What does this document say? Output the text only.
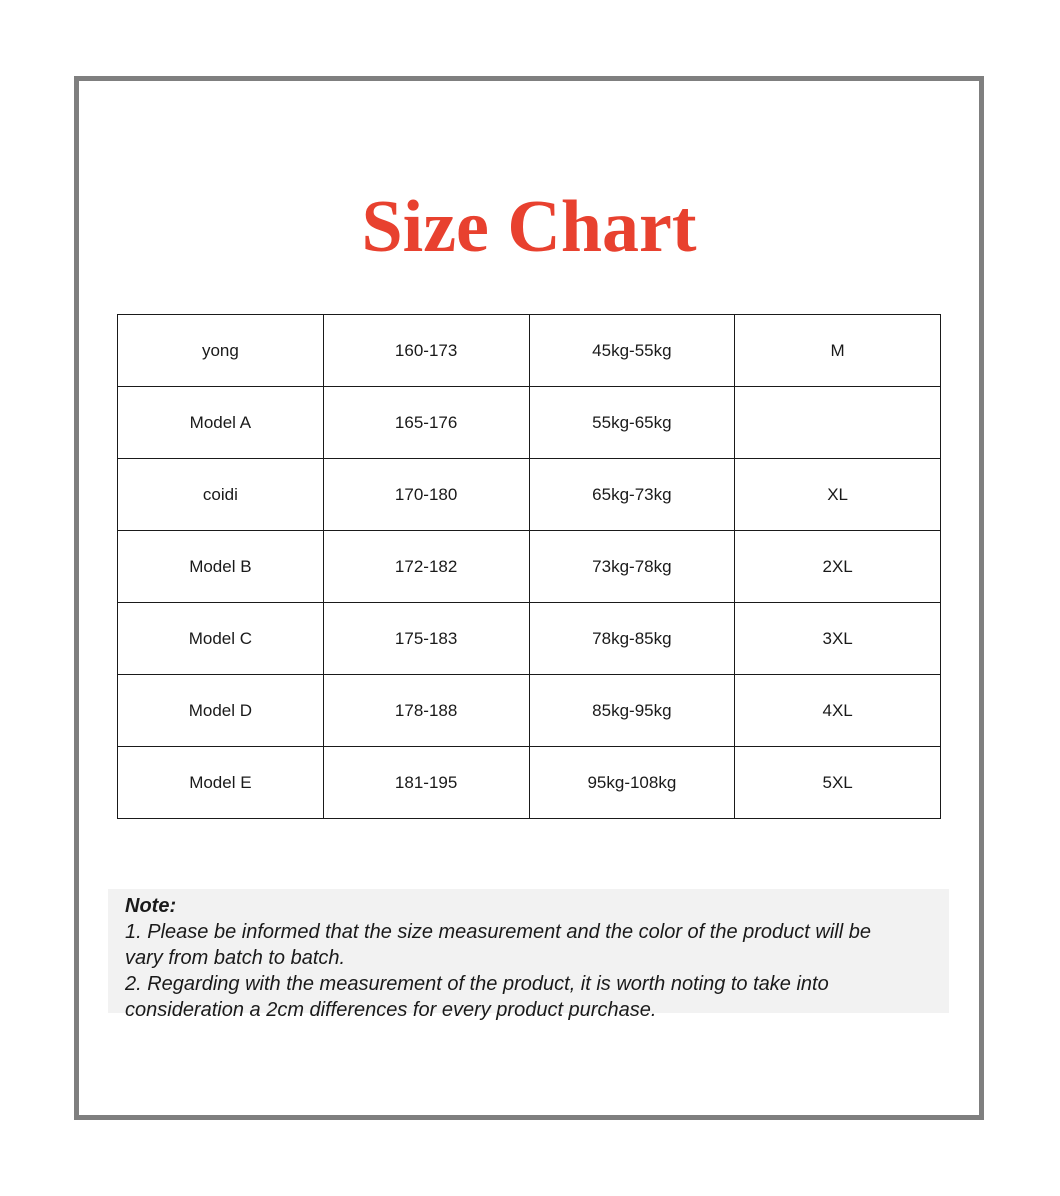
Size Chart
yong	160-173	45kg-55kg	M
Model A	165-176	55kg-65kg	
coidi	170-180	65kg-73kg	XL
Model B	172-182	73kg-78kg	2XL
Model C	175-183	78kg-85kg	3XL
Model D	178-188	85kg-95kg	4XL
Model E	181-195	95kg-108kg	5XL
Note:
1. Please be informed that the size measurement and the color of the product will be
vary from batch to batch.
2. Regarding with the measurement of the product, it is worth noting to take into
consideration a 2cm differences for every product purchase.
